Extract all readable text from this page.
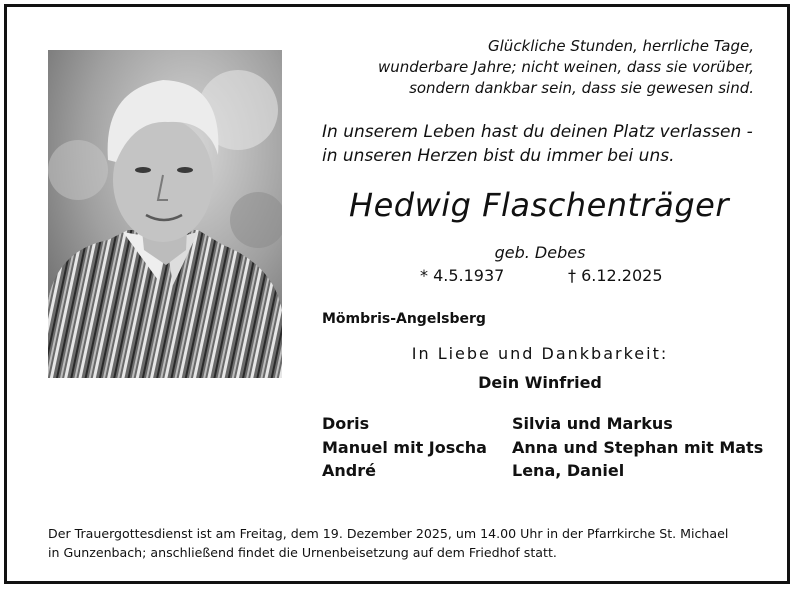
Glückliche Stunden, herrliche Tage,
wunderbare Jahre; nicht weinen, dass sie vorüber,
sondern dankbar sein, dass sie gewesen sind.
In unserem Leben hast du deinen Platz verlassen -
in unseren Herzen bist du immer bei uns.
Hedwig Flaschenträger
geb. Debes
* 4.5.1937	† 6.12.2025
Mömbris-Angelsberg
In Liebe und Dankbarkeit:
Dein Winfried
Doris
Manuel mit Joscha
André
Silvia und Markus
Anna und Stephan mit Mats
Lena, Daniel
Der Trauergottesdienst ist am Freitag, dem 19. Dezember 2025, um 14.00 Uhr in der Pfarrkirche St. Michael
in Gunzenbach; anschließend findet die Urnenbeisetzung auf dem Friedhof statt.
